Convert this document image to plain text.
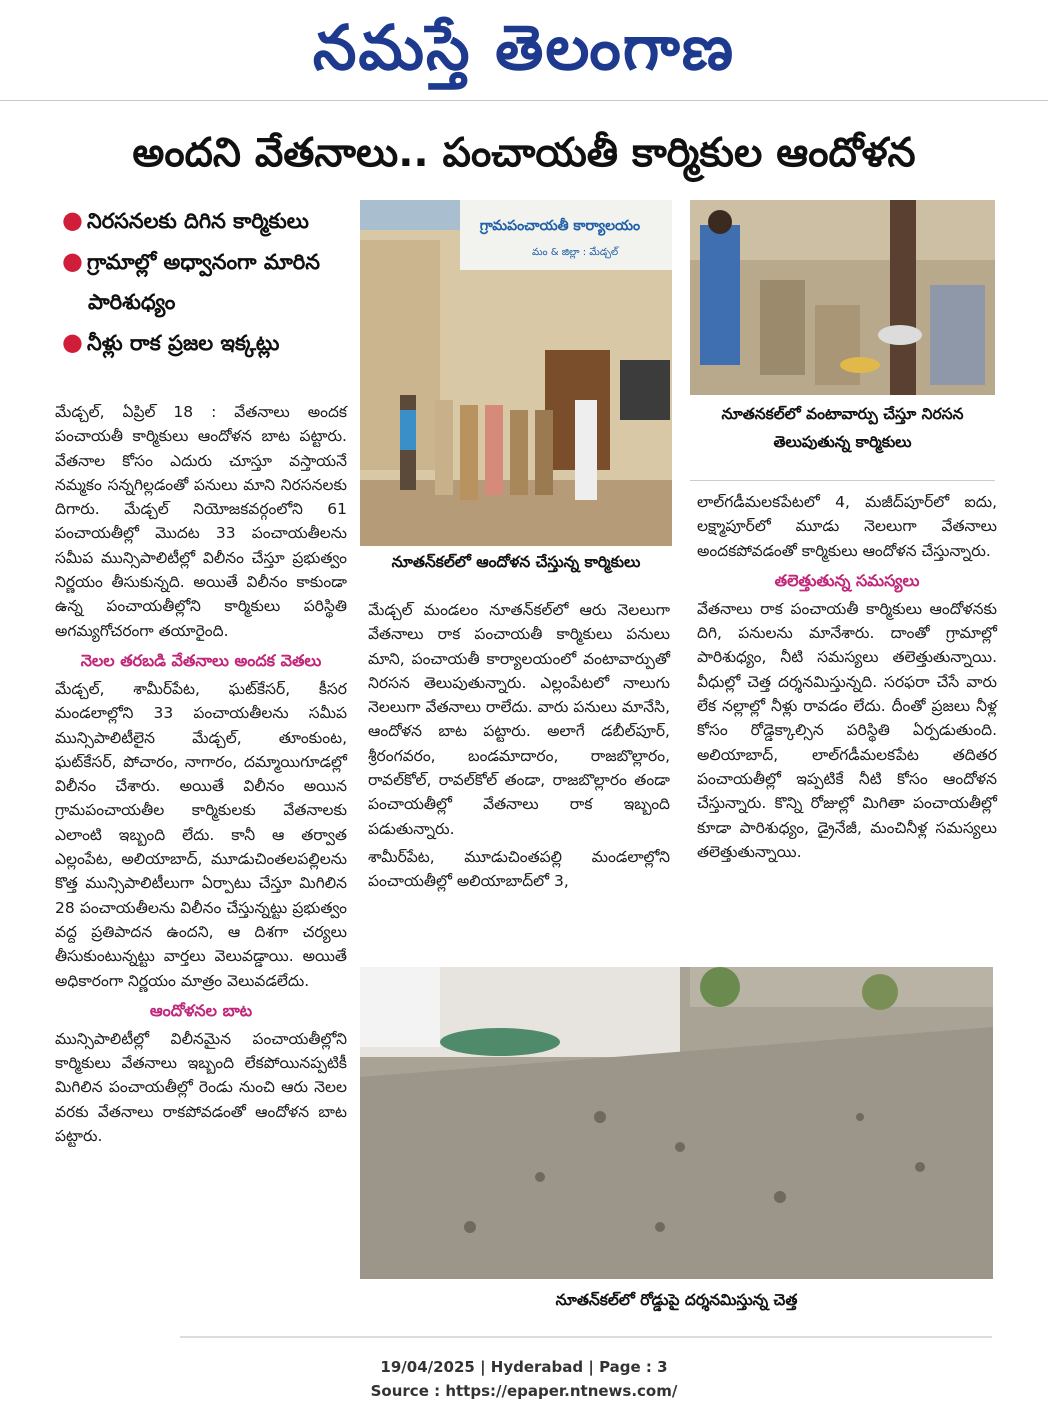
నమస్తే తెలంగాణ
అందని వేతనాలు.. పంచాయతీ కార్మికుల ఆందోళన
● నిరసనలకు దిగిన కార్మికులు
● గ్రామాల్లో అధ్వానంగా మారిన పారిశుధ్యం
● నీళ్లు రాక ప్రజల ఇక్కట్లు

మేడ్చల్‌, ఏప్రిల్‌ 18 : వేతనాలు అందక పంచాయతీ కార్మికులు ఆందోళన బాట పట్టారు. వేతనాల కోసం ఎదురు చూస్తూ వస్తాయనే నమ్మకం సన్నగిల్లడంతో పనులు మాని నిరసనలకు దిగారు. మేడ్చల్‌ నియోజకవర్గంలోని 61 పంచాయతీల్లో మొదట 33 పంచాయతీలను సమీప మున్సిపాలిటీల్లో విలీనం చేస్తూ ప్రభుత్వం నిర్ణయం తీసుకున్నది. అయితే విలీనం కాకుండా ఉన్న పంచాయతీల్లోని కార్మికులు పరిస్థితి అగమ్యగోచరంగా తయారైంది.

నెలల తరబడి వేతనాలు అందక వెతలు

మేడ్చల్‌, శామీర్‌పేట, ఘట్‌కేసర్‌, కీసర మండలాల్లోని 33 పంచాయతీలను సమీప మున్సిపాలిటీలైన మేడ్చల్‌, తూంకుంట, ఘట్‌కేసర్‌, పోచారం, నాగారం, దమ్మాయిగూడల్లో విలీనం చేశారు. అయితే విలీనం అయిన గ్రామపంచాయతీల కార్మికులకు వేతనాలకు ఎలాంటి ఇబ్బంది లేదు. కానీ ఆ తర్వాత ఎల్లంపేట, అలియాబాద్‌, మూడుచింతలపల్లిలను కొత్త మున్సిపాలిటీలుగా ఏర్పాటు చేస్తూ మిగిలిన 28 పంచాయతీలను విలీనం చేస్తున్నట్టు ప్రభుత్వం వద్ద ప్రతిపాదన ఉందని, ఆ దిశగా చర్యలు తీసుకుంటున్నట్టు వార్తలు వెలువడ్డాయి. అయితే అధికారంగా నిర్ణయం మాత్రం వెలువడలేదు.

ఆందోళనల బాట

మున్సిపాలిటీల్లో విలీనమైన పంచాయతీల్లోని కార్మికులు వేతనాలు ఇబ్బంది లేకపోయినప్పటికీ మిగిలిన పంచాయతీల్లో రెండు నుంచి ఆరు నెలల వరకు వేతనాలు రాకపోవడంతో ఆందోళన బాట పట్టారు.

గ్రామపంచాయతీ కార్యాలయం
మం & జిల్లా : మేడ్చల్‌
నూతన్‌కల్‌లో ఆందోళన చేస్తున్న కార్మికులు

మేడ్చల్‌ మండలం నూతన్‌కల్‌లో ఆరు నెలలుగా వేతనాలు రాక పంచాయతీ కార్మికులు పనులు మాని, పంచాయతీ కార్యాలయంలో వంటావార్పుతో నిరసన తెలుపుతున్నారు. ఎల్లంపేటలో నాలుగు నెలలుగా వేతనాలు రాలేదు. వారు పనులు మానేసి, ఆందోళన బాట పట్టారు. అలాగే డబీల్‌పూర్‌, శ్రీరంగవరం, బండమాదారం, రాజబొల్లారం, రావల్‌కోల్‌, రావల్‌కోల్‌ తండా, రాజబొల్లారం తండా పంచాయతీల్లో వేతనాలు రాక ఇబ్బంది పడుతున్నారు.

శామీర్‌పేట, మూడుచింతపల్లి మండలాల్లోని పంచాయతీల్లో అలియాబాద్‌లో 3,

నూతనకల్‌లో వంటావార్పు చేస్తూ నిరసన తెలుపుతున్న కార్మికులు

లాల్‌గడీమలకపేటలో 4, మజీద్‌పూర్‌లో ఐదు, లక్ష్మాపూర్‌లో మూడు నెలలుగా వేతనాలు అందకపోవడంతో కార్మికులు ఆందోళన చేస్తున్నారు.

తలెత్తుతున్న సమస్యలు

వేతనాలు రాక పంచాయతీ కార్మికులు ఆందోళనకు దిగి, పనులను మానేశారు. దాంతో గ్రామాల్లో పారిశుధ్యం, నీటి సమస్యలు తలెత్తుతున్నాయి. వీధుల్లో చెత్త దర్శనమిస్తున్నది. సరఫరా చేసే వారు లేక నల్లాల్లో నీళ్లు రావడం లేదు. దీంతో ప్రజలు నీళ్ల కోసం రోడ్డెక్కాల్సిన పరిస్థితి ఏర్పడుతుంది. అలియాబాద్‌, లాల్‌గడీమలకపేట తదితర పంచాయతీల్లో ఇప్పటికే నీటి కోసం ఆందోళన చేస్తున్నారు. కొన్ని రోజుల్లో మిగితా పంచాయతీల్లో కూడా పారిశుధ్యం, డ్రైనేజీ, మంచినీళ్ల సమస్యలు తలెత్తుతున్నాయి.

నూతన్‌కల్‌లో రోడ్డుపై దర్శనమిస్తున్న చెత్త
19/04/2025 | Hyderabad | Page : 3
Source : https://epaper.ntnews.com/
